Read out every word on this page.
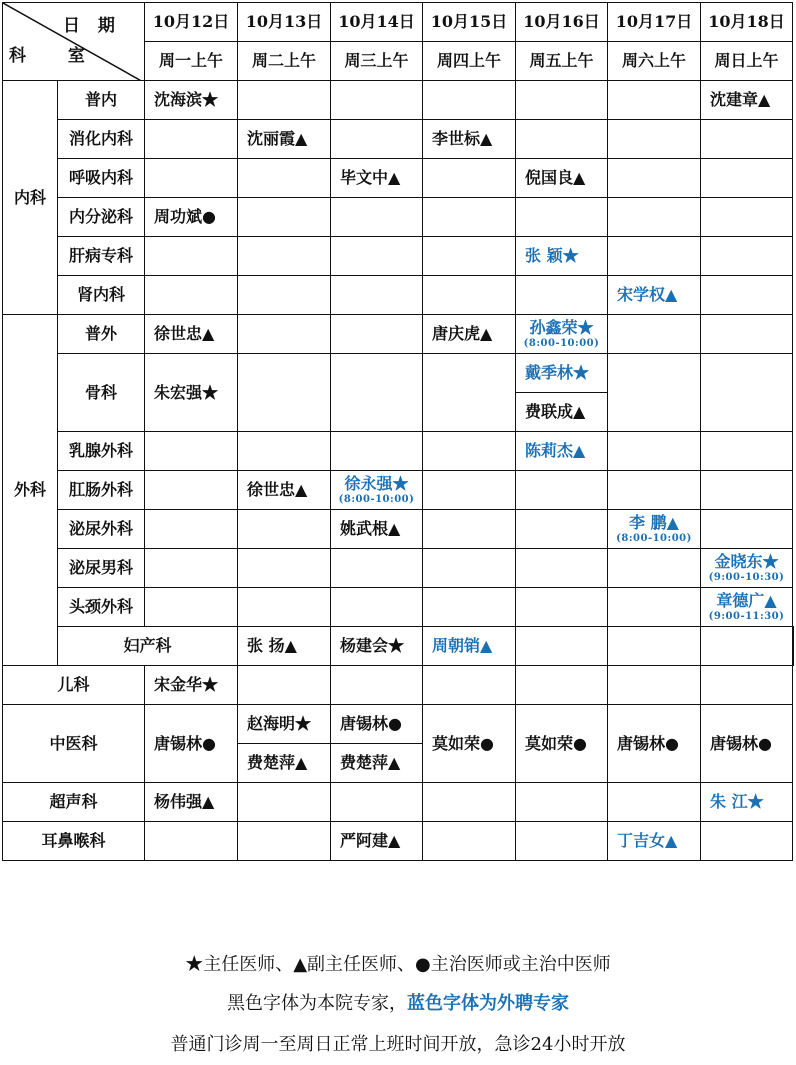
日 期
科 室		10月12日	10月13日	10月14日	10月15日	10月16日	10月17日	10月18日	
		周一上午	周二上午	周三上午	周四上午	周五上午	周六上午	周日上午	
内科	普内	沈海滨★						沈建章▲	
	消化内科		沈丽霞▲		李世标▲				
	呼吸内科			毕文中▲		倪国良▲			
	内分泌科	周功斌●							
	肝病专科					张 颖★			
	肾内科						宋学权▲		
外科	普外	徐世忠▲			唐庆虎▲	孙鑫荣★
(8:00-10:00)			

	骨科	朱宏强★				戴季林★			
						费联成▲			
	乳腺外科					陈莉杰▲			
	肛肠外科		徐世忠▲	徐永强★
(8:00-10:00)					

	泌尿外科			姚武根▲			李 鹏▲
(8:00-10:00)		

	泌尿男科							金晓东★
(9:00-10:30)	

	头颈外科							章德广▲
(9:00-11:30)	

	妇产科		张 扬▲	杨建会★	周朝销▲				
儿科		宋金华★							
中医科		唐锡林●	赵海明★	唐锡林●	莫如荣●	莫如荣●	唐锡林●	唐锡林●	
			费楚萍▲	费楚萍▲					
超声科		杨伟强▲						朱 江★	
耳鼻喉科				严阿建▲			丁吉女▲		
★主任医师、▲副主任医师、●主治医师或主治中医师
黑色字体为本院专家，蓝色字体为外聘专家
普通门诊周一至周日正常上班时间开放，急诊24小时开放
